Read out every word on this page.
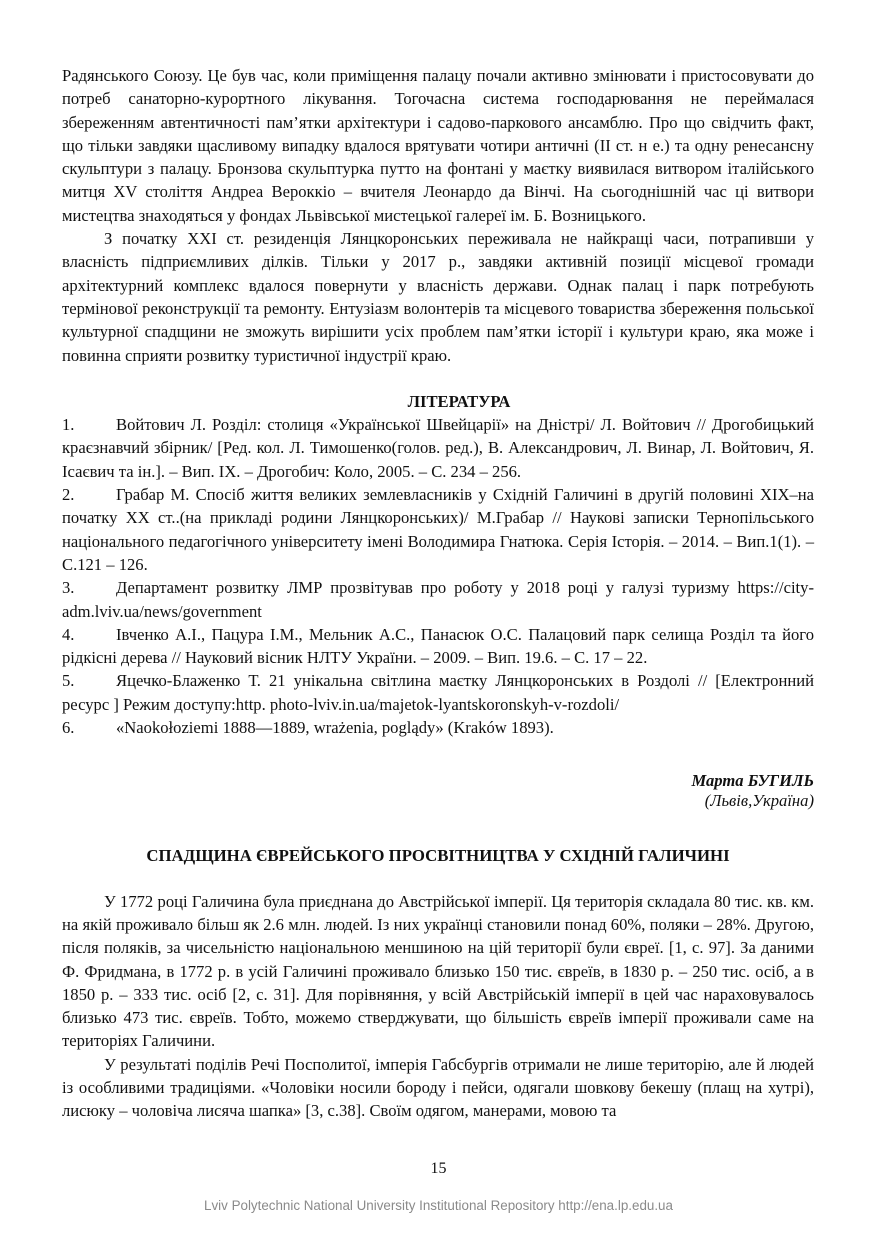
Радянського Союзу. Це був час, коли приміщення палацу почали активно змінювати і пристосовувати до потреб санаторно-курортного лікування. Тогочасна система господарювання не переймалася збереженням автентичності пам’ятки архітектури і садово-паркового ансамблю. Про що свідчить факт, що тільки завдяки щасливому випадку вдалося врятувати чотири античні (ІІ ст. н е.) та одну ренесансну скульптури з палацу. Бронзова скульптурка путто на фонтані у маєтку виявилася витвором італійського митця XV століття Андреа Вероккіо – вчителя Леонардо да Вінчі. На сьогоднішній час ці витвори мистецтва знаходяться у фондах Львівської мистецької галереї ім. Б. Возницького.

З початку XXI ст. резиденція Лянцкоронських переживала не найкращі часи, потрапивши у власність підприємливих ділків. Тільки у 2017 р., завдяки активній позиції місцевої громади архітектурний комплекс вдалося повернути у власність держави. Однак палац і парк потребують термінової реконструкції та ремонту. Ентузіазм волонтерів та місцевого товариства збереження польської культурної спадщини не зможуть вирішити усіх проблем пам’ятки історії і культури краю, яка може і повинна сприяти розвитку туристичної індустрії краю.

ЛІТЕРАТУРА
1.	Войтович Л. Розділ: столиця «Української Швейцарії» на Дністрі/ Л. Войтович // Дрогобицький краєзнавчий збірник/ [Ред. кол. Л. Тимошенко(голов. ред.), В. Александрович, Л. Винар, Л. Войтович, Я. Ісаєвич та ін.]. – Вип. IX. – Дрогобич: Коло, 2005. – С. 234 – 256.
2.	Грабар М. Спосіб життя великих землевласників у Східній Галичині в другій половині ХІХ–на початку ХХ ст..(на прикладі родини Лянцкоронських)/ М.Грабар // Наукові записки Тернопільського національного педагогічного університету імені Володимира Гнатюка. Серія Історія. – 2014. – Вип.1(1). – С.121 – 126.
3.	Департамент розвитку ЛМР прозвітував про роботу у 2018 році у галузі туризму https://city-adm.lviv.ua/news/government
4.	Івченко А.І., Пацура І.М., Мельник А.С., Панасюк О.С. Палацовий парк селища Розділ та його рідкісні дерева // Науковий вісник НЛТУ України. – 2009. – Вип. 19.6. – С. 17 – 22.
5.	Яцечко-Блаженко Т. 21 унікальна світлина маєтку Лянцкоронських в Роздолі // [Електронний ресурс ] Режим доступу:http. photo-lviv.in.ua/majetok-lyantskoronskyh-v-rozdoli/
6.	«Naokołoziemi 1888—1889, wrażenia, poglądy» (Kraków 1893).
Марта БУГИЛЬ
(Львів,Україна)
СПАДЩИНА ЄВРЕЙСЬКОГО ПРОСВІТНИЦТВА У СХІДНІЙ ГАЛИЧИНІ

У 1772 році Галичина була приєднана до Австрійської імперії. Ця територія складала 80 тис. кв. км. на якій проживало більш як 2.6 млн. людей. Із них українці становили понад 60%, поляки – 28%. Другою, після поляків, за чисельністю національною меншиною на цій території були євреї. [1, с. 97]. За даними Ф. Фридмана, в 1772 р. в усій Галичині проживало близько 150 тис. євреїв, в 1830 р. – 250 тис. осіб, а в 1850 р. – 333 тис. осіб [2, с. 31]. Для порівняння, у всій Австрійській імперії в цей час нараховувалось близько 473 тис. євреїв. Тобто, можемо стверджувати, що більшість євреїв імперії проживали саме на територіях Галичини.

У результаті поділів Речі Посполитої, імперія Габсбургів отримали не лише територію, але й людей із особливими традиціями. «Чоловіки носили бороду і пейси, одягали шовкову бекешу (плащ на хутрі), лисюку – чоловіча лисяча шапка» [3, с.38]. Своїм одягом, манерами, мовою та

15
Lviv Polytechnic National University Institutional Repository http://ena.lp.edu.ua
